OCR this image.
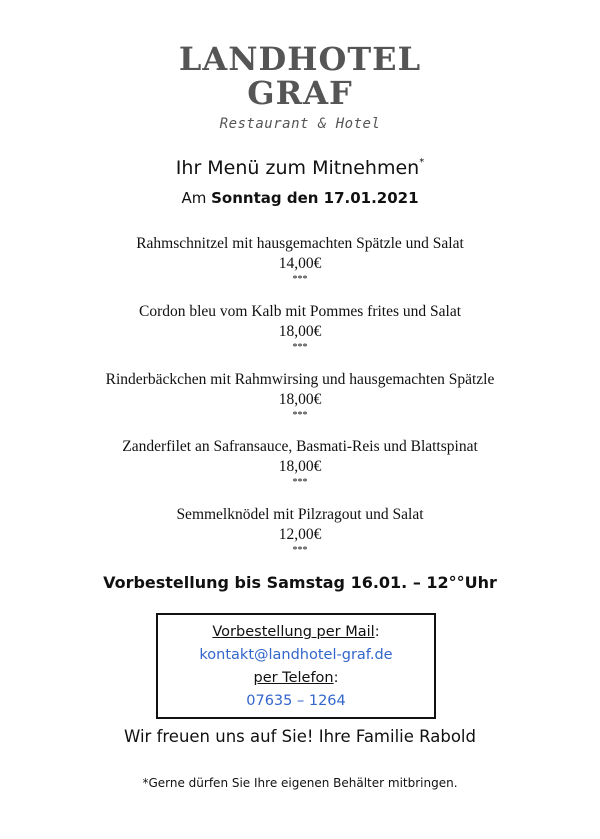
LANDHOTEL
GRAF
Restaurant & Hotel
Ihr Menü zum Mitnehmen*
Am Sonntag den 17.01.2021
Rahmschnitzel mit hausgemachten Spätzle und Salat
14,00€
***
Cordon bleu vom Kalb mit Pommes frites und Salat
18,00€
***
Rinderbäckchen mit Rahmwirsing und hausgemachten Spätzle
18,00€
***
Zanderfilet an Safransauce, Basmati-Reis und Blattspinat
18,00€
***
Semmelknödel mit Pilzragout und Salat
12,00€
***
Vorbestellung bis Samstag 16.01. – 12°°Uhr
Vorbestellung per Mail:
kontakt@landhotel-graf.de
per Telefon:
07635 – 1264
Wir freuen uns auf Sie! Ihre Familie Rabold
*Gerne dürfen Sie Ihre eigenen Behälter mitbringen.
